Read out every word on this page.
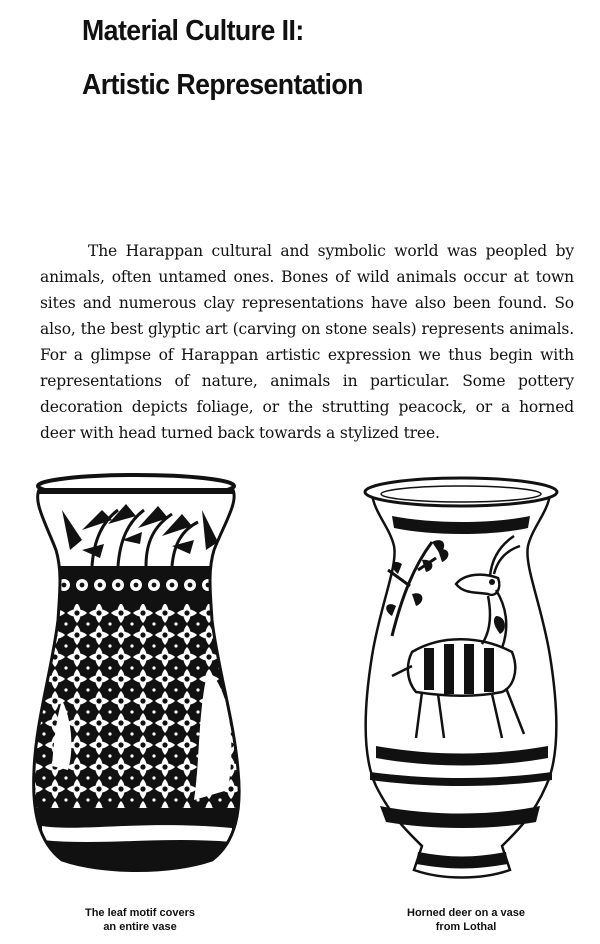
Material Culture II:
Artistic Representation

The Harappan cultural and symbolic world was peopled by animals, often untamed ones. Bones of wild animals occur at town sites and numerous clay representations have also been found. So also, the best glyptic art (carving on stone seals) represents animals. For a glimpse of Harappan artistic expression we thus begin with representations of nature, animals in particular. Some pottery decoration depicts foliage, or the strutting peacock, or a horned deer with head turned back towards a stylized tree.

The leaf motif covers
an entire vase
Horned deer on a vase
from Lothal
